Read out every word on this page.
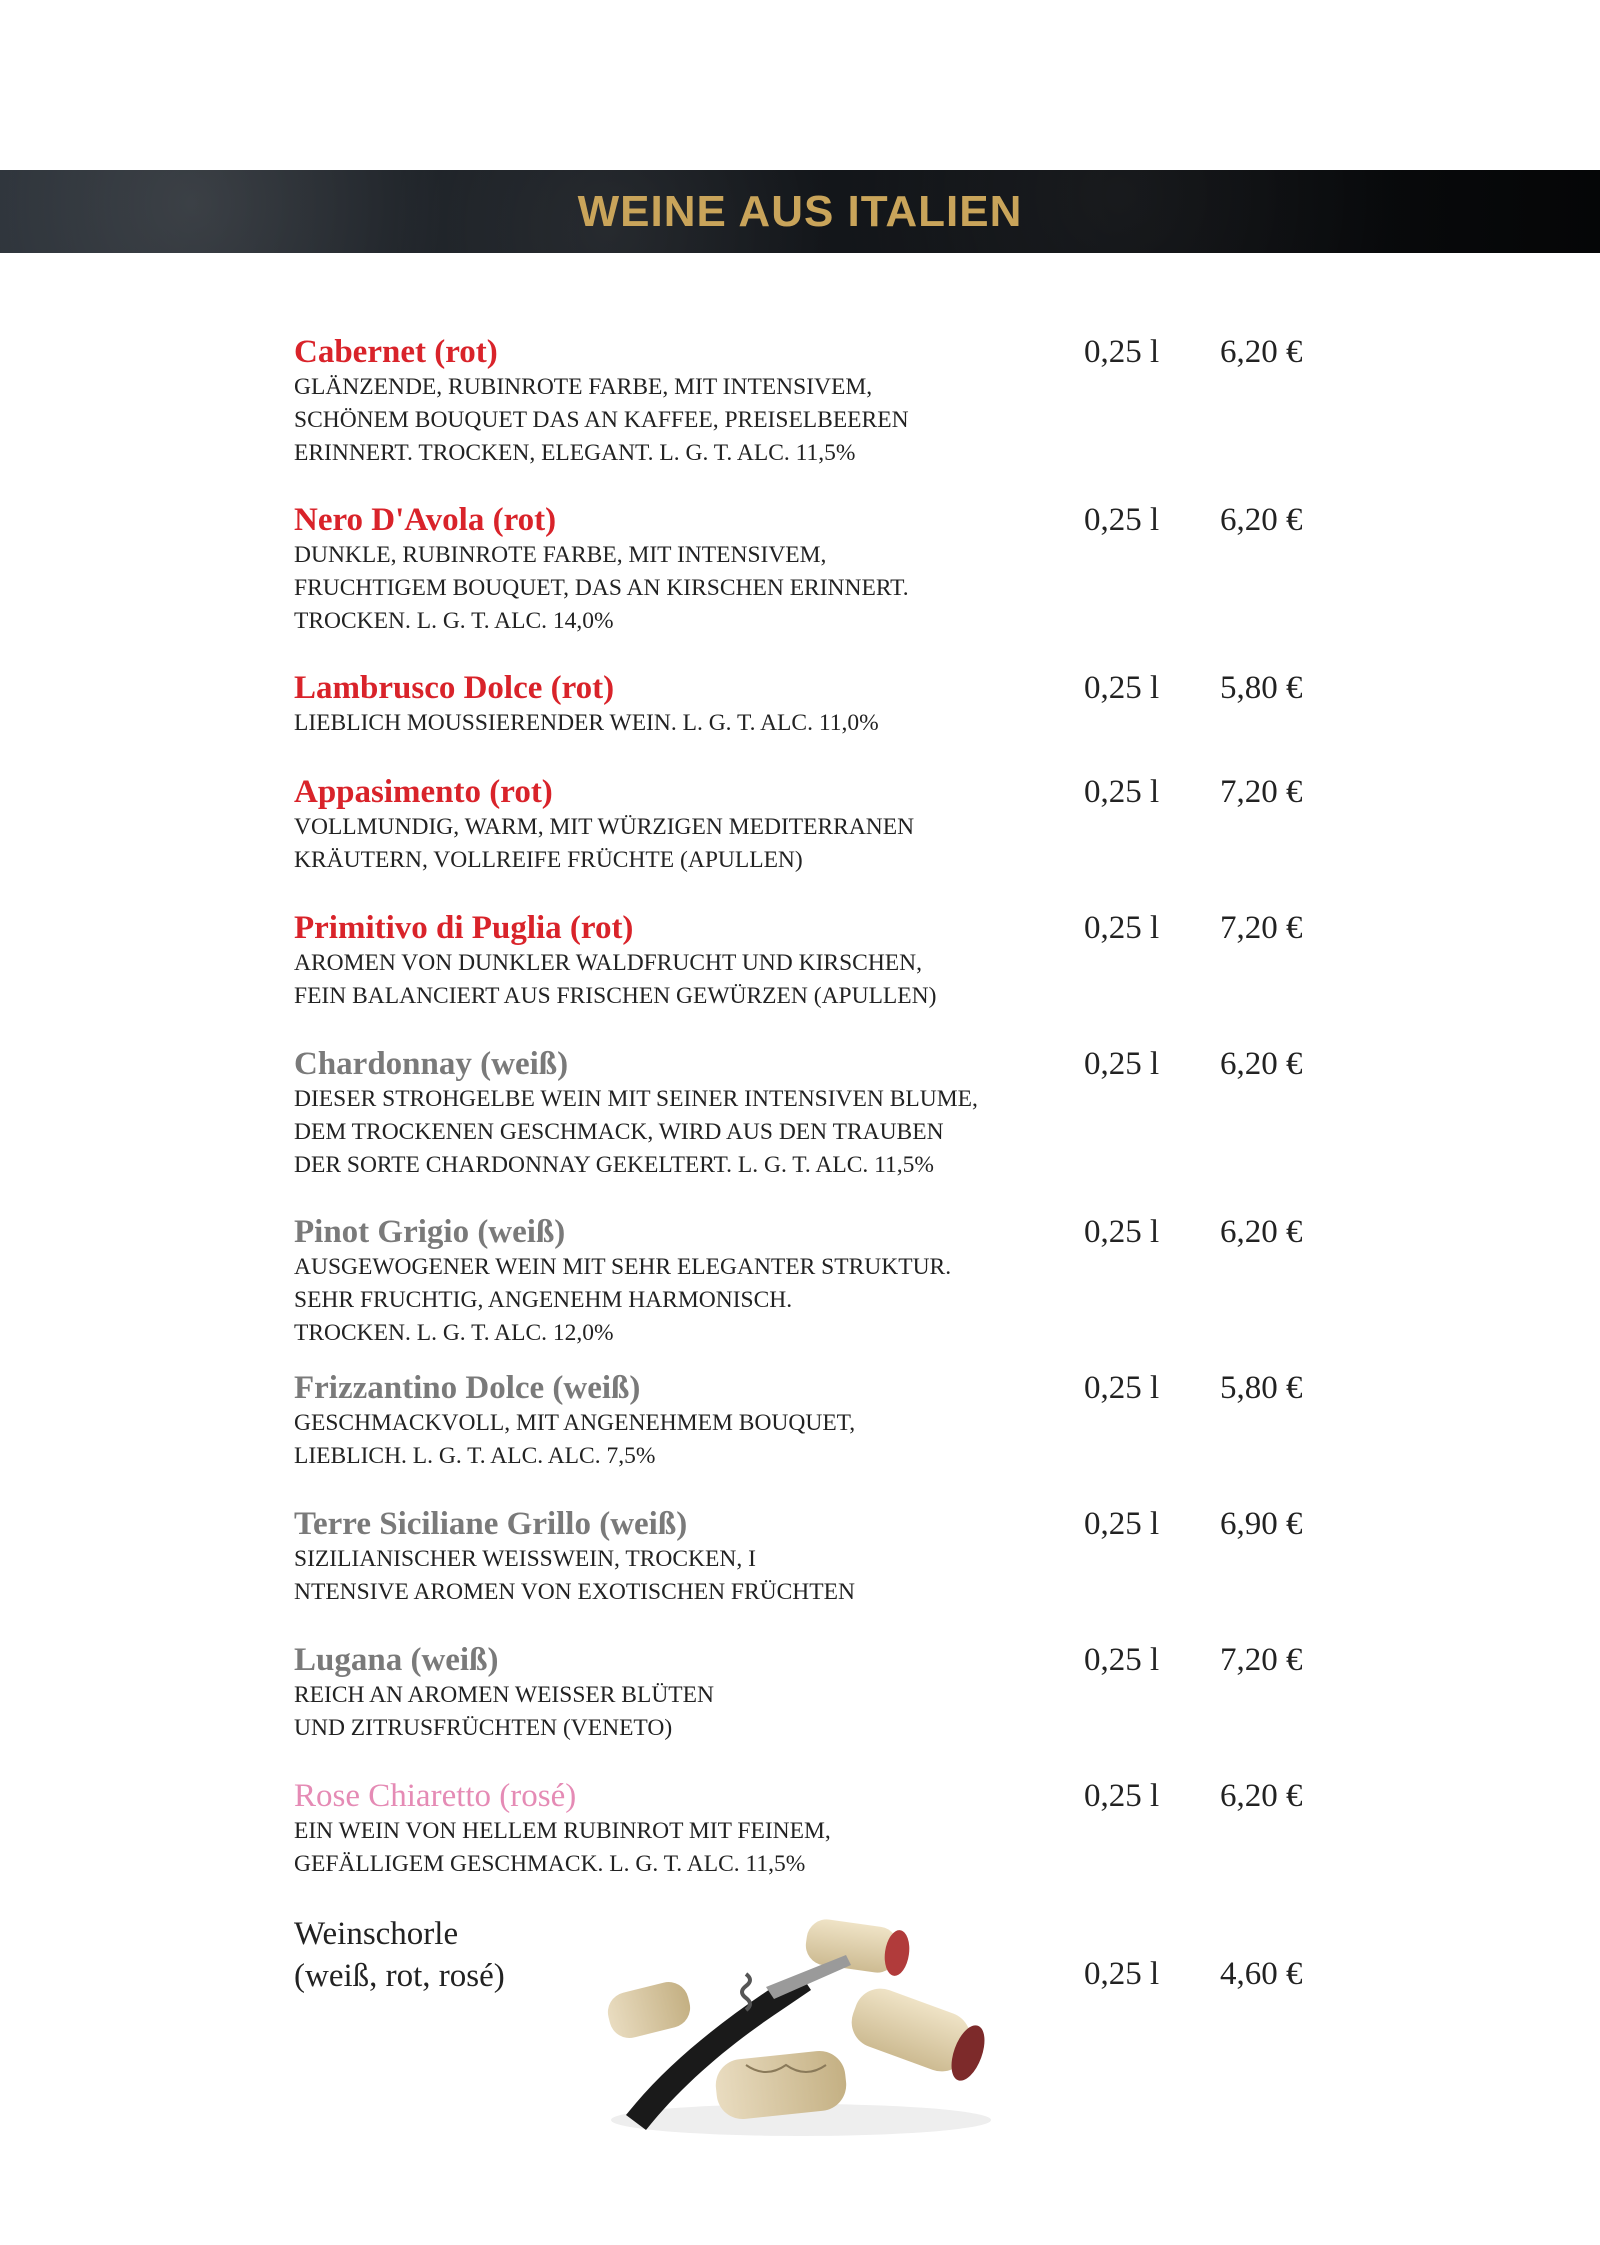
WEINE AUS ITALIEN
Cabernet (rot)	0,25 l 6,20 €
GLÄNZENDE, RUBINROTE FARBE, MIT INTENSIVEM,
SCHÖNEM BOUQUET DAS AN KAFFEE, PREISELBEEREN
ERINNERT. TROCKEN, ELEGANT. L. G. T. ALC. 11,5%
Nero D'Avola (rot)	0,25 l 6,20 €
DUNKLE, RUBINROTE FARBE, MIT INTENSIVEM,
FRUCHTIGEM BOUQUET, DAS AN KIRSCHEN ERINNERT.
TROCKEN. L. G. T. ALC. 14,0%
Lambrusco Dolce (rot)	0,25 l 5,80 €
LIEBLICH MOUSSIERENDER WEIN. L. G. T. ALC. 11,0%
Appasimento (rot)	0,25 l 7,20 €
VOLLMUNDIG, WARM, MIT WÜRZIGEN MEDITERRANEN
KRÄUTERN, VOLLREIFE FRÜCHTE (APULLEN)
Primitivo di Puglia (rot)	0,25 l 7,20 €
AROMEN VON DUNKLER WALDFRUCHT UND KIRSCHEN,
FEIN BALANCIERT AUS FRISCHEN GEWÜRZEN (APULLEN)
Chardonnay (weiß)	0,25 l 6,20 €
DIESER STROHGELBE WEIN MIT SEINER INTENSIVEN BLUME,
DEM TROCKENEN GESCHMACK, WIRD AUS DEN TRAUBEN
DER SORTE CHARDONNAY GEKELTERT. L. G. T. ALC. 11,5%
Pinot Grigio (weiß)	0,25 l 6,20 €
AUSGEWOGENER WEIN MIT SEHR ELEGANTER STRUKTUR.
SEHR FRUCHTIG, ANGENEHM HARMONISCH.
TROCKEN. L. G. T. ALC. 12,0%
Frizzantino Dolce (weiß)	0,25 l 5,80 €
GESCHMACKVOLL, MIT ANGENEHMEM BOUQUET,
LIEBLICH. L. G. T. ALC. ALC. 7,5%
Terre Siciliane Grillo (weiß)	0,25 l 6,90 €
SIZILIANISCHER WEISSWEIN, TROCKEN, I
NTENSIVE AROMEN VON EXOTISCHEN FRÜCHTEN
Lugana (weiß)	0,25 l 7,20 €
REICH AN AROMEN WEISSER BLÜTEN
UND ZITRUSFRÜCHTEN (VENETO)
Rose Chiaretto (rosé)	0,25 l 6,20 €
EIN WEIN VON HELLEM RUBINROT MIT FEINEM,
GEFÄLLIGEM GESCHMACK. L. G. T. ALC. 11,5%
Weinschorle
(weiß, rot, rosé)	0,25 l 4,60 €
